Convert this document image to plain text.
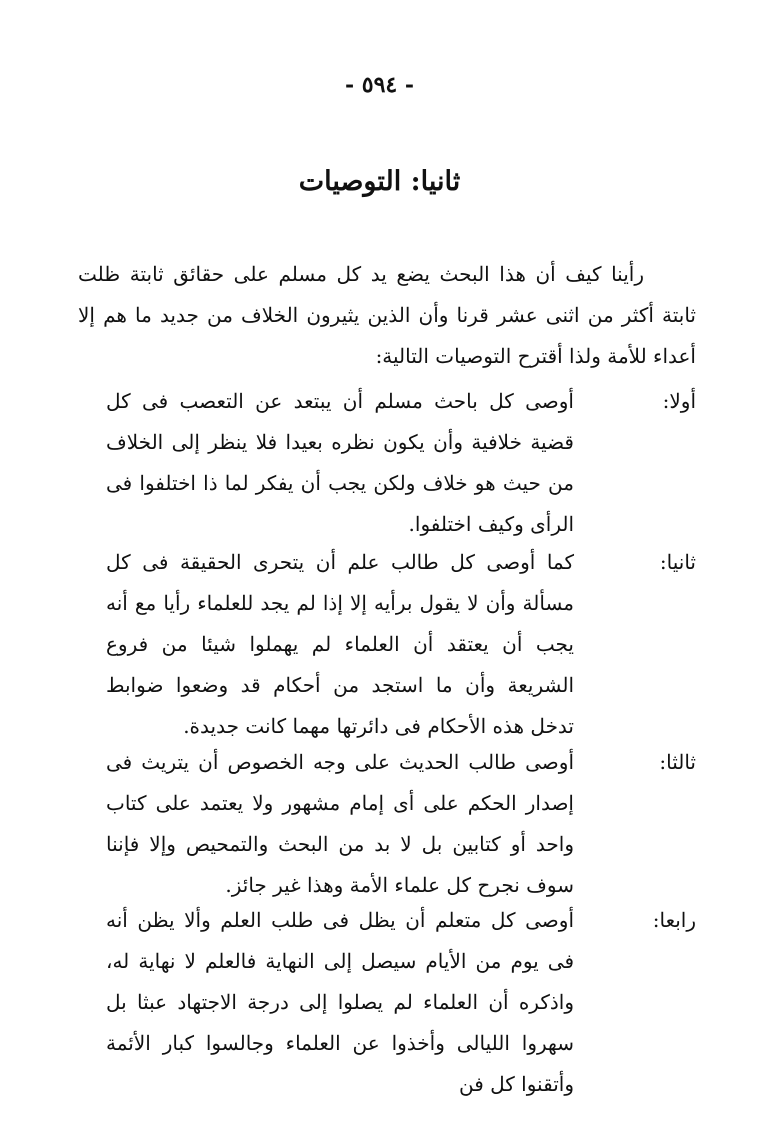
- ٥٩٤ -
ثانيا: التوصيات

رأينا كيف أن هذا البحث يضع يد كل مسلم على حقائق ثابتة ظلت ثابتة أكثر من اثنى عشر قرنا وأن الذين يثيرون الخلاف من جديد ما هم إلا أعداء للأمة ولذا أقترح التوصيات التالية:

أولا:

أوصى كل باحث مسلم أن يبتعد عن التعصب فى كل قضية خلافية وأن يكون نظره بعيدا فلا ينظر إلى الخلاف من حيث هو خلاف ولكن يجب أن يفكر لما ذا اختلفوا فى الرأى وكيف اختلفوا.

ثانيا:

كما أوصى كل طالب علم أن يتحرى الحقيقة فى كل مسألة وأن لا يقول برأيه إلا إذا لم يجد للعلماء رأيا مع أنه يجب أن يعتقد أن العلماء لم يهملوا شيئا من فروع الشريعة وأن ما استجد من أحكام قد وضعوا ضوابط تدخل هذه الأحكام فى دائرتها مهما كانت جديدة.

ثالثا:

أوصى طالب الحديث على وجه الخصوص أن يتريث فى إصدار الحكم على أى إمام مشهور ولا يعتمد على كتاب واحد أو كتابين بل لا بد من البحث والتمحيص وإلا فإننا سوف نجرح كل علماء الأمة وهذا غير جائز.

رابعا:

أوصى كل متعلم أن يظل فى طلب العلم وألا يظن أنه فى يوم من الأيام سيصل إلى النهاية فالعلم لا نهاية له، واذكره أن العلماء لم يصلوا إلى درجة الاجتهاد عبثا بل سهروا الليالى وأخذوا عن العلماء وجالسوا كبار الأئمة وأتقنوا كل فن
